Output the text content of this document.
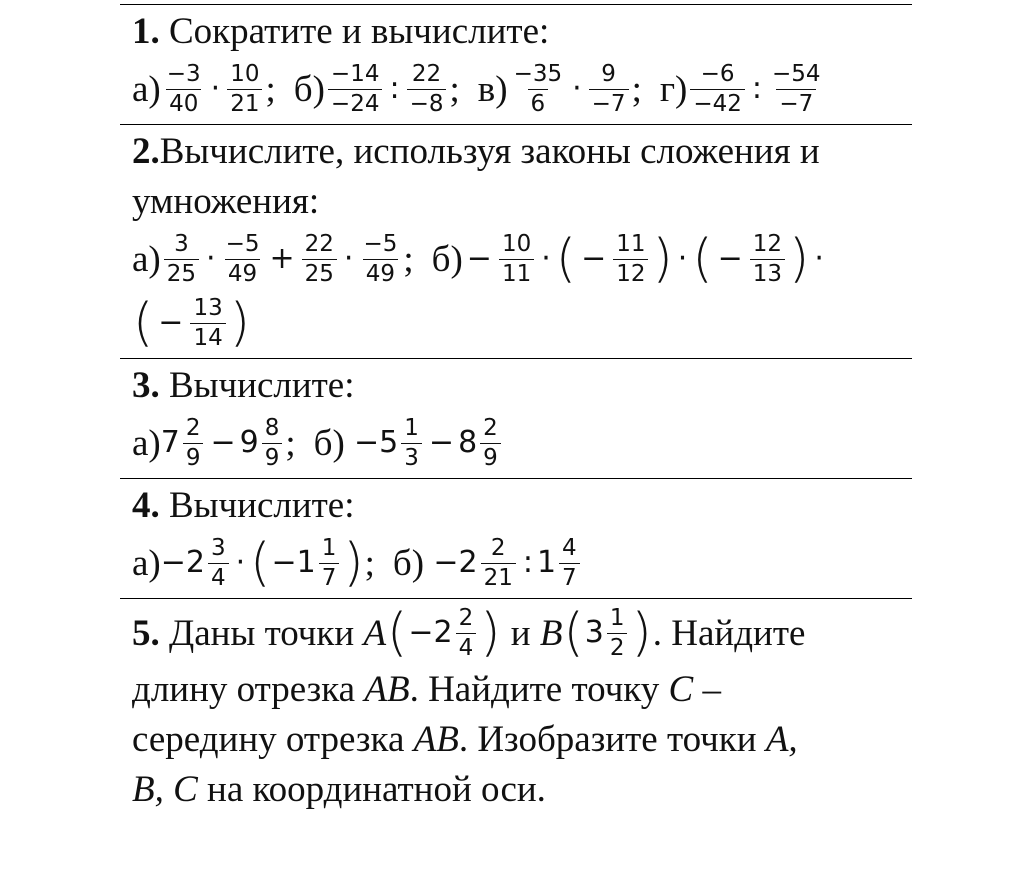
1. Сократите и вычислите:
$а) \frac{-3}{40} \cdot \frac{10}{21}$ ; $б) \frac{-14}{-24}$ : $\frac{22}{-8}$ ; $в) \frac{-35}{6} \cdot \frac{9}{-7}$ ; $г) \frac{-6}{-42}$ : $\frac{-54}{-7}$
2.Вычислите, используя законы сложения и
умножения:
$а) \frac{3}{25} \cdot \frac{-5}{49} + \frac{22}{25} \cdot \frac{-5}{49}$ ; $б) - \frac{10}{11}$ · ( − $\frac{11}{12}$ ) · ( − $\frac{12}{13}$ ) ·
( − $\frac{13}{14}$ )
3. Вычислите:
а) $7 \frac{2}{9} - 9 \frac{8}{9}$ ; б)
$-5 \frac{1}{3} - 8 \frac{2}{9}$
4. Вычислите:
$а) -2 \frac{3}{4}$ · ( $-1 \frac{1}{7}$ ) ; б)
$-2 \frac{2}{21}$ : $1 \frac{4}{7}$
5. Даны точки A ( $-2 \frac{2}{4}$ ) и B ( $3 \frac{1}{2}$ ) . Найдите
длину отрезка AB. Найдите точку C –
середину отрезка AB. Изобразите точки A,
B, C на координатной оси.
